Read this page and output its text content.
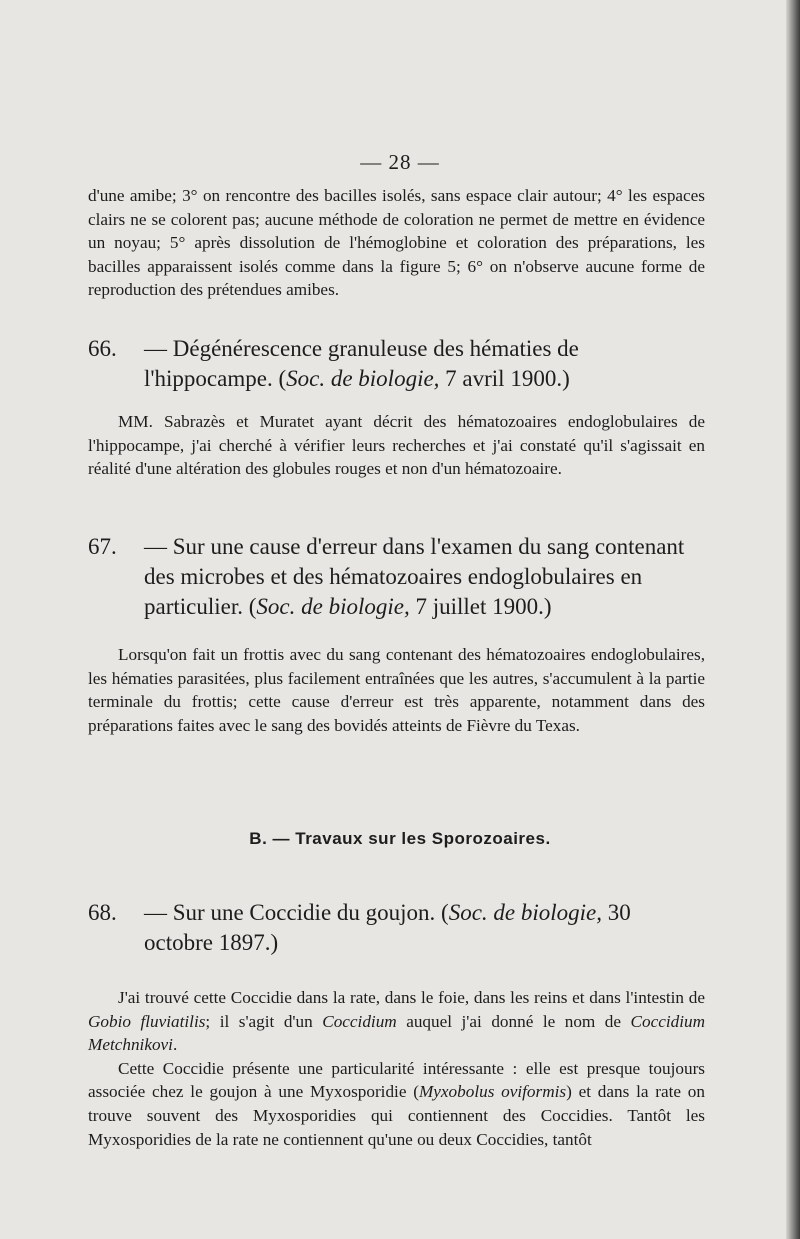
— 28 —

d'une amibe; 3° on rencontre des bacilles isolés, sans espace clair autour; 4° les espaces clairs ne se colorent pas; aucune méthode de coloration ne permet de mettre en évidence un noyau; 5° après dissolution de l'hémoglobine et coloration des préparations, les bacilles apparaissent isolés comme dans la figure 5; 6° on n'observe aucune forme de reproduction des prétendues amibes.

66. — Dégénérescence granuleuse des hématies de l'hippocampe. (Soc. de biologie, 7 avril 1900.)

MM. Sabrazès et Muratet ayant décrit des hématozoaires endoglobulaires de l'hippocampe, j'ai cherché à vérifier leurs recherches et j'ai constaté qu'il s'agissait en réalité d'une altération des globules rouges et non d'un hématozoaire.

67. — Sur une cause d'erreur dans l'examen du sang contenant des microbes et des hématozoaires endoglobulaires en particulier. (Soc. de biologie, 7 juillet 1900.)

Lorsqu'on fait un frottis avec du sang contenant des hématozoaires endoglobulaires, les hématies parasitées, plus facilement entraînées que les autres, s'accumulent à la partie terminale du frottis; cette cause d'erreur est très apparente, notamment dans des préparations faites avec le sang des bovidés atteints de Fièvre du Texas.

B. — Travaux sur les Sporozoaires.

68. — Sur une Coccidie du goujon. (Soc. de biologie, 30 octobre 1897.)

J'ai trouvé cette Coccidie dans la rate, dans le foie, dans les reins et dans l'intestin de Gobio fluviatilis; il s'agit d'un Coccidium auquel j'ai donné le nom de Coccidium Metchnikovi.

Cette Coccidie présente une particularité intéressante : elle est presque toujours associée chez le goujon à une Myxosporidie (Myxobolus oviformis) et dans la rate on trouve souvent des Myxosporidies qui contiennent des Coccidies. Tantôt les Myxosporidies de la rate ne contiennent qu'une ou deux Coccidies, tantôt
